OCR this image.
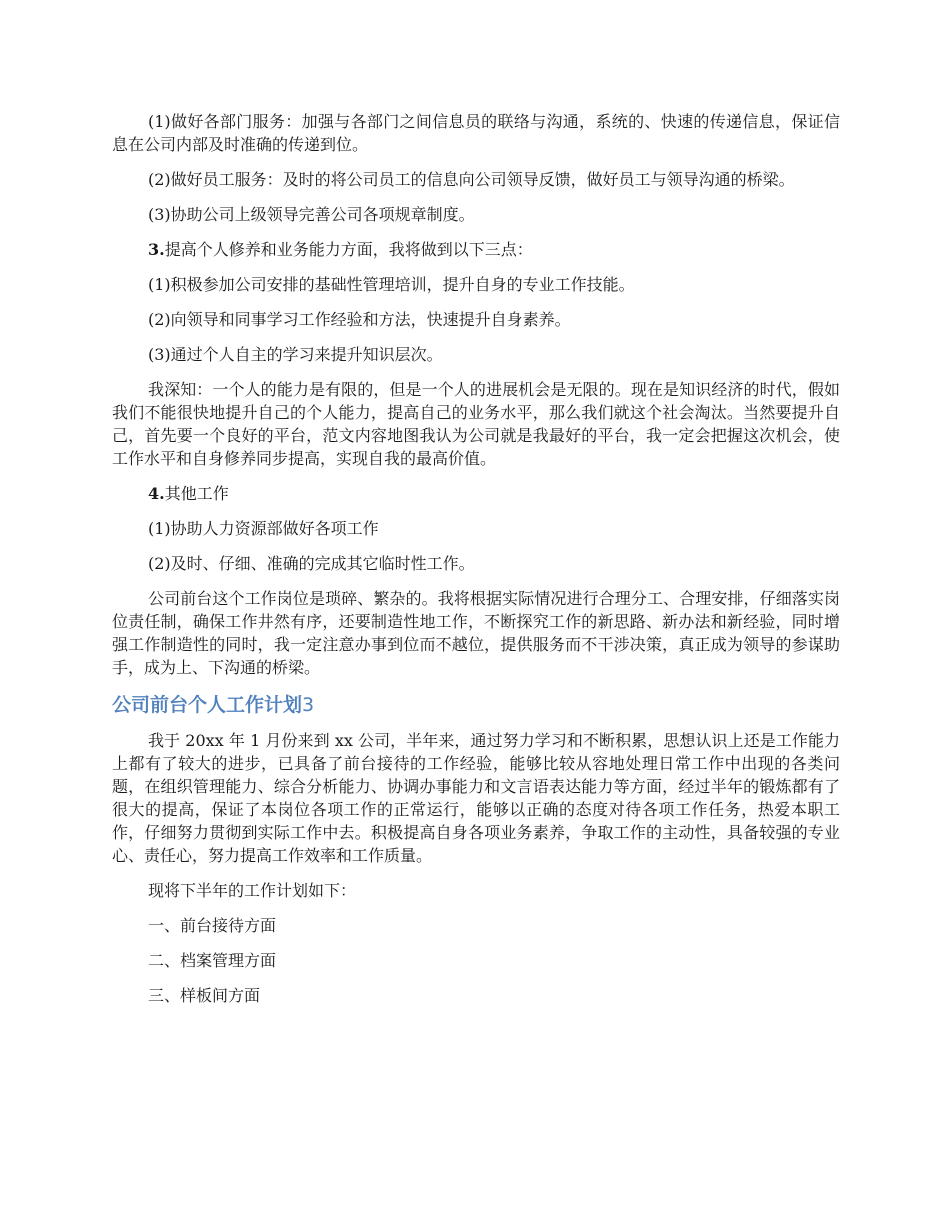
(1)做好各部门服务：加强与各部门之间信息员的联络与沟通，系统的、快速的传递信息，保证信息在公司内部及时准确的传递到位。

(2)做好员工服务：及时的将公司员工的信息向公司领导反馈，做好员工与领导沟通的桥梁。

(3)协助公司上级领导完善公司各项规章制度。

3.提高个人修养和业务能力方面，我将做到以下三点：

(1)积极参加公司安排的基础性管理培训，提升自身的专业工作技能。

(2)向领导和同事学习工作经验和方法，快速提升自身素养。

(3)通过个人自主的学习来提升知识层次。

我深知：一个人的能力是有限的，但是一个人的进展机会是无限的。现在是知识经济的时代，假如我们不能很快地提升自己的个人能力，提高自己的业务水平，那么我们就这个社会淘汰。当然要提升自己，首先要一个良好的平台，范文内容地图我认为公司就是我最好的平台，我一定会把握这次机会，使工作水平和自身修养同步提高，实现自我的最高价值。

4.其他工作

(1)协助人力资源部做好各项工作

(2)及时、仔细、准确的完成其它临时性工作。

公司前台这个工作岗位是琐碎、繁杂的。我将根据实际情况进行合理分工、合理安排，仔细落实岗位责任制，确保工作井然有序，还要制造性地工作，不断探究工作的新思路、新办法和新经验，同时增强工作制造性的同时，我一定注意办事到位而不越位，提供服务而不干涉决策，真正成为领导的参谋助手，成为上、下沟通的桥梁。

公司前台个人工作计划3

我于 20xx 年 1 月份来到 xx 公司，半年来，通过努力学习和不断积累，思想认识上还是工作能力上都有了较大的进步，已具备了前台接待的工作经验，能够比较从容地处理日常工作中出现的各类问题，在组织管理能力、综合分析能力、协调办事能力和文言语表达能力等方面，经过半年的锻炼都有了很大的提高，保证了本岗位各项工作的正常运行，能够以正确的态度对待各项工作任务，热爱本职工作，仔细努力贯彻到实际工作中去。积极提高自身各项业务素养，争取工作的主动性，具备较强的专业心、责任心，努力提高工作效率和工作质量。

现将下半年的工作计划如下：

一、前台接待方面

二、档案管理方面

三、样板间方面
